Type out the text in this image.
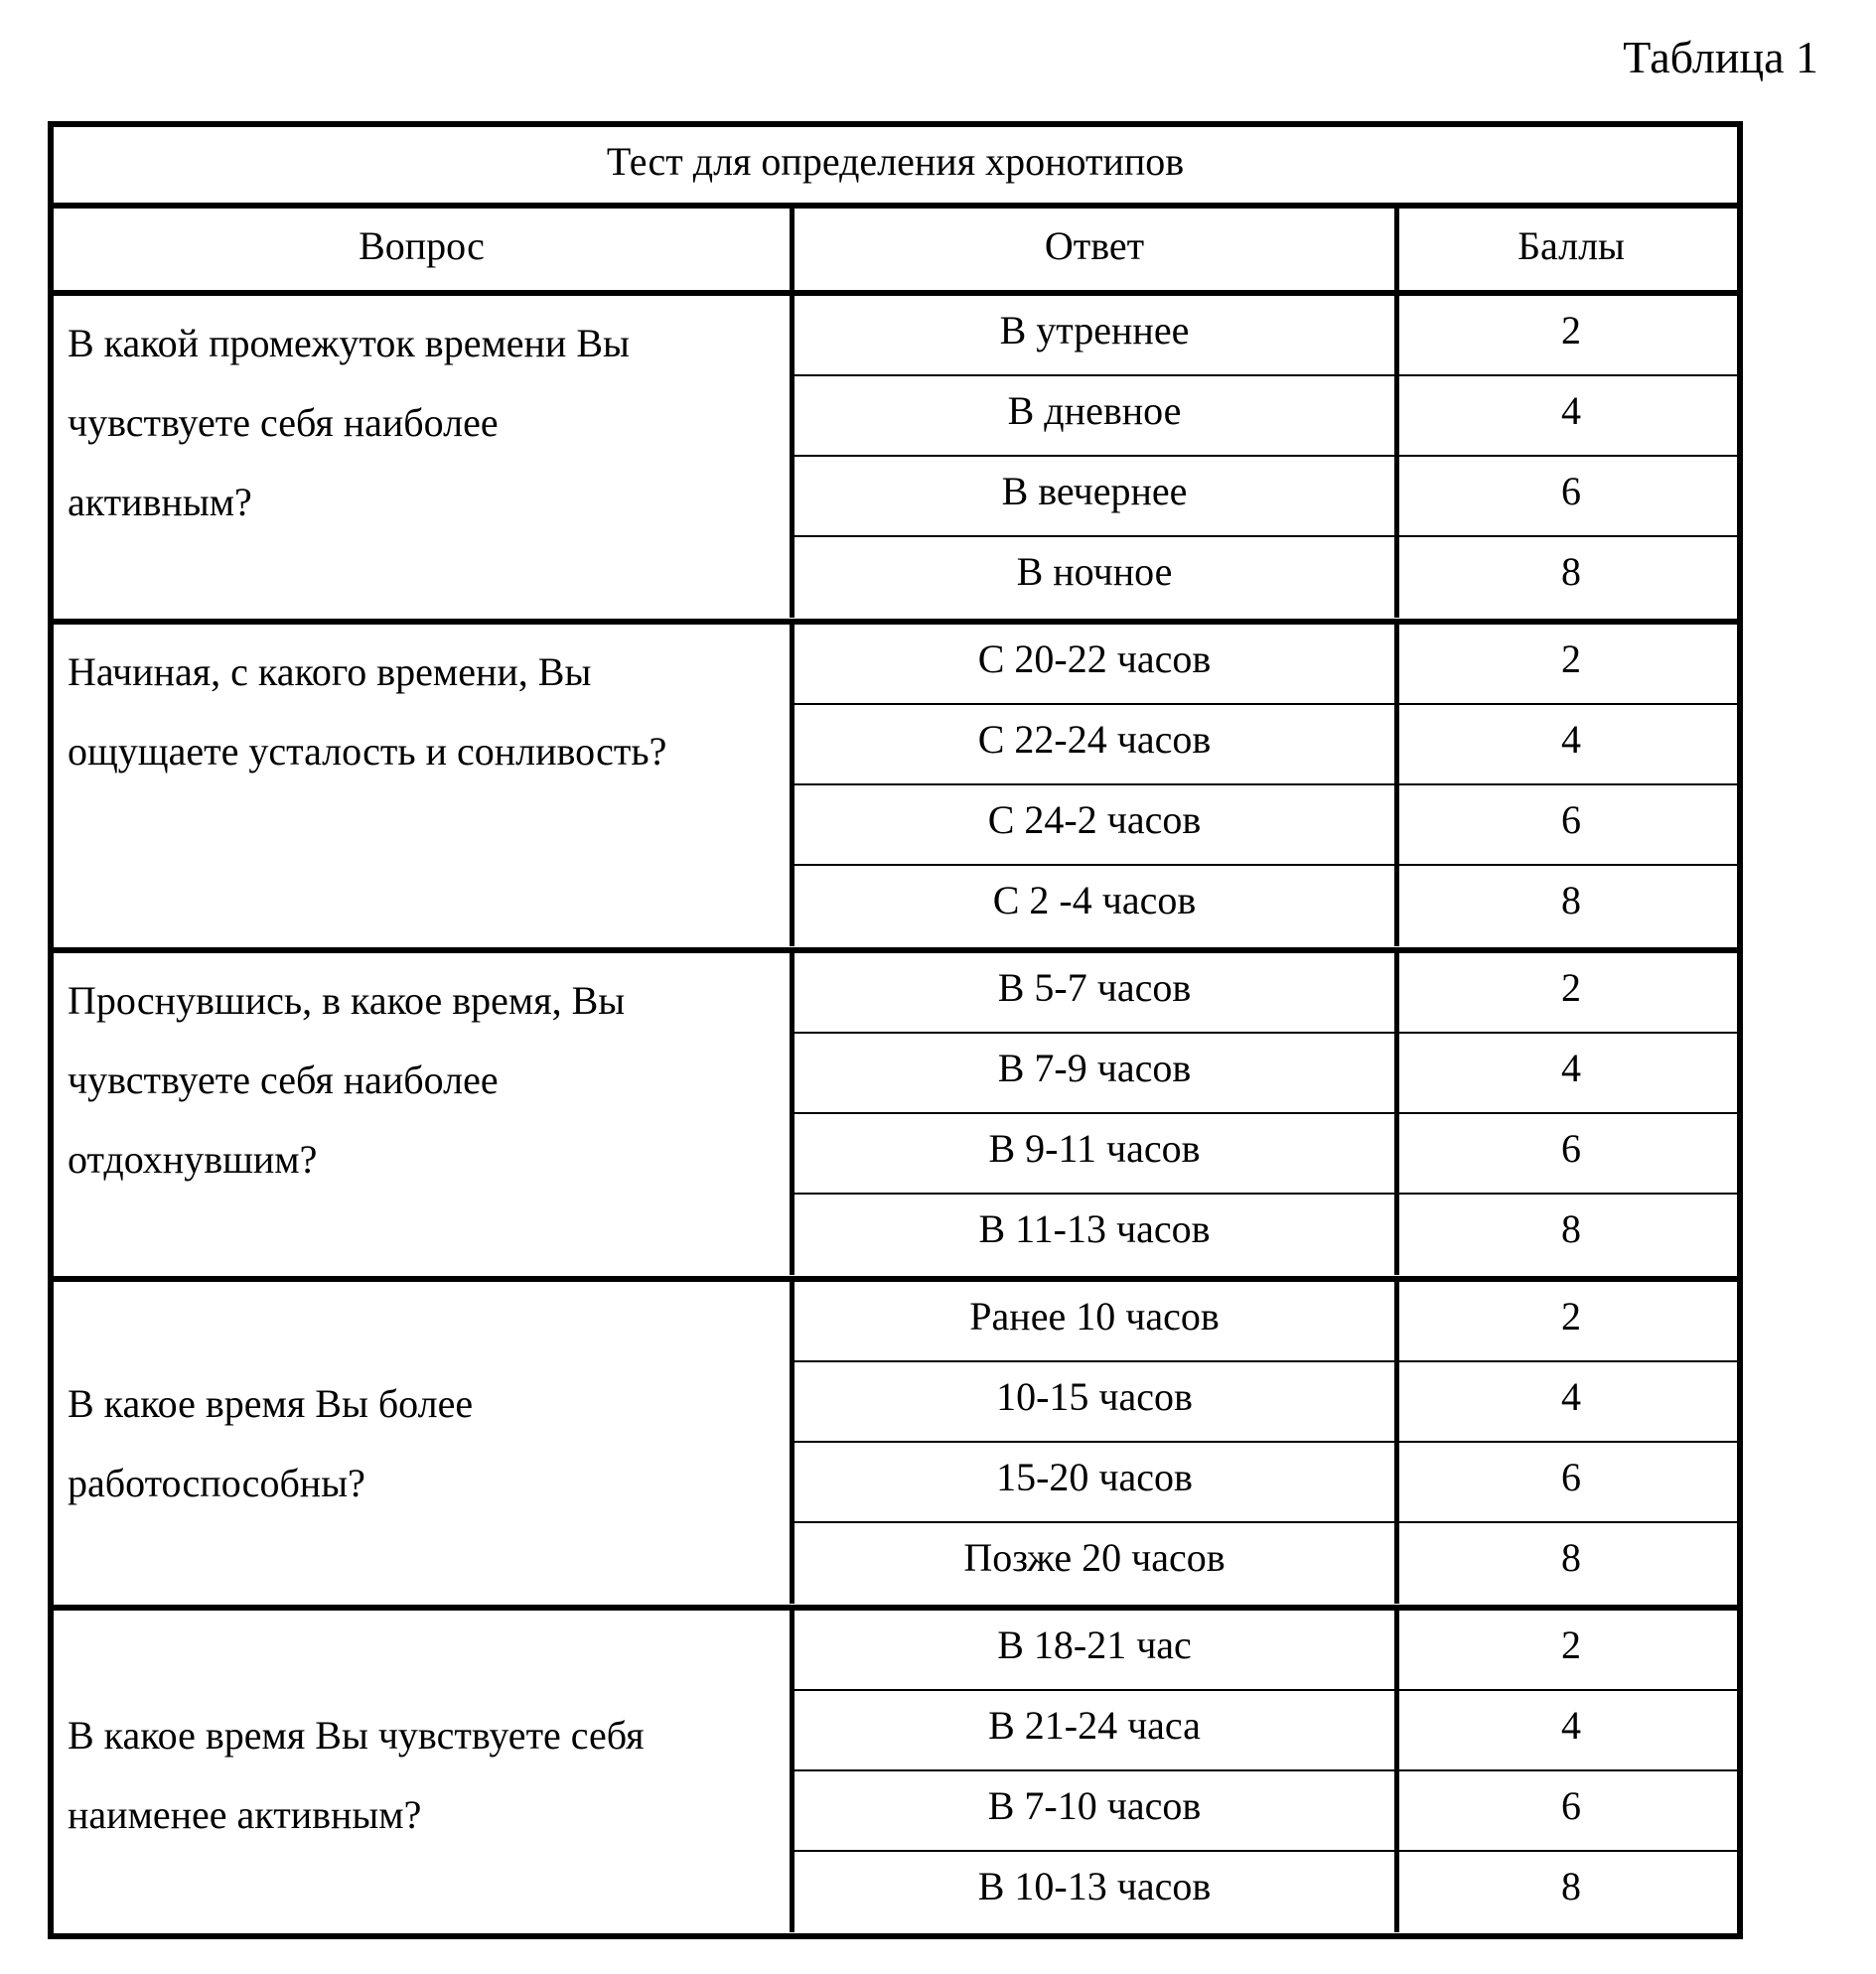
Таблица 1
Тест для определения хронотипов
Вопрос	Ответ	Баллы
В какой промежуток времени Вы
чувствуете себя наиболее
активным?
В утреннее	2
В дневное	4
В вечернее	6
В ночное	8
Начиная, с какого времени, Вы
ощущаете усталость и сонливость?
С 20-22 часов	2
С 22-24 часов	4
С 24-2 часов	6
С 2 -4 часов	8
Проснувшись, в какое время, Вы
чувствуете себя наиболее
отдохнувшим?
В 5-7 часов	2
В 7-9 часов	4
В 9-11 часов	6
В 11-13 часов	8
В какое время Вы более
работоспособны?
Ранее 10 часов	2
10-15 часов	4
15-20 часов	6
Позже 20 часов	8
В какое время Вы чувствуете себя
наименее активным?
В 18-21 час	2
В 21-24 часа	4
В 7-10 часов	6
В 10-13 часов	8
